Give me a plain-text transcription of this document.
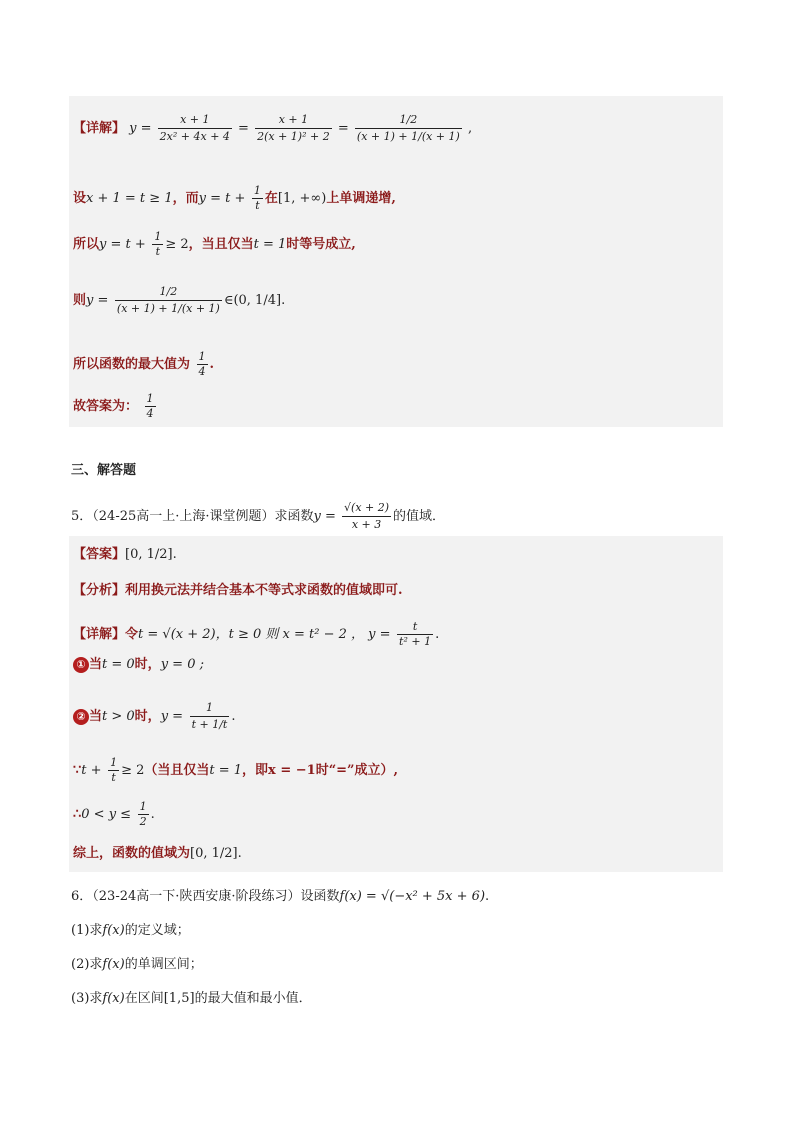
【详解】 $y = \frac{x + 1}{\text{2x² + 4x + 4}} = \frac{x + 1}{\text{2(x + 1)² + 2}} = \frac{1/2}{(x + 1) + 1/(x + 1)}$ ,
设x + 1 = t ≥ 1，而$y = t + \frac{1}{t}$ 在[1, +∞)上单调递增,
所以$y = t + \frac{1}{t} \ge 2$，当且仅当t = 1时等号成立,
则$y = \frac{1/2}{(x + 1) + 1/(x + 1)}$ ∈(0, 1/4].
所以函数的最大值为 $\frac{1}{4}$ .
故答案为： $\frac{1}{4}$
三、解答题
5．（24-25高一上·上海·课堂例题）求函数$y = \frac{√(x + 2)}{x + 3}$ 的值域．
【答案】[0, 1/2].
【分析】利用换元法并结合基本不等式求函数的值域即可.
【详解】令t = √(x + 2)，t ≥ 0 则 x = t² − 2 ， $y = \frac{t}{\text{t² + 1}}$ .
① 当t = 0时，y = 0 ;
② 当t > 0时，$y = \frac{1}{t + 1/t}$ .
∵t + $\frac{1}{t} \ge 2$（当且仅当t = 1，即x = −1时“=”成立）,
∴0 < $y \le \frac{1}{2}$ .
综上，函数的值域为[0, 1/2].
6．（23-24高一下·陕西安康·阶段练习）设函数f(x) = √(−x² + 5x + 6).
(1)求f(x)的定义域；
(2)求f(x)的单调区间；
(3)求f(x)在区间[1,5]的最大值和最小值．
